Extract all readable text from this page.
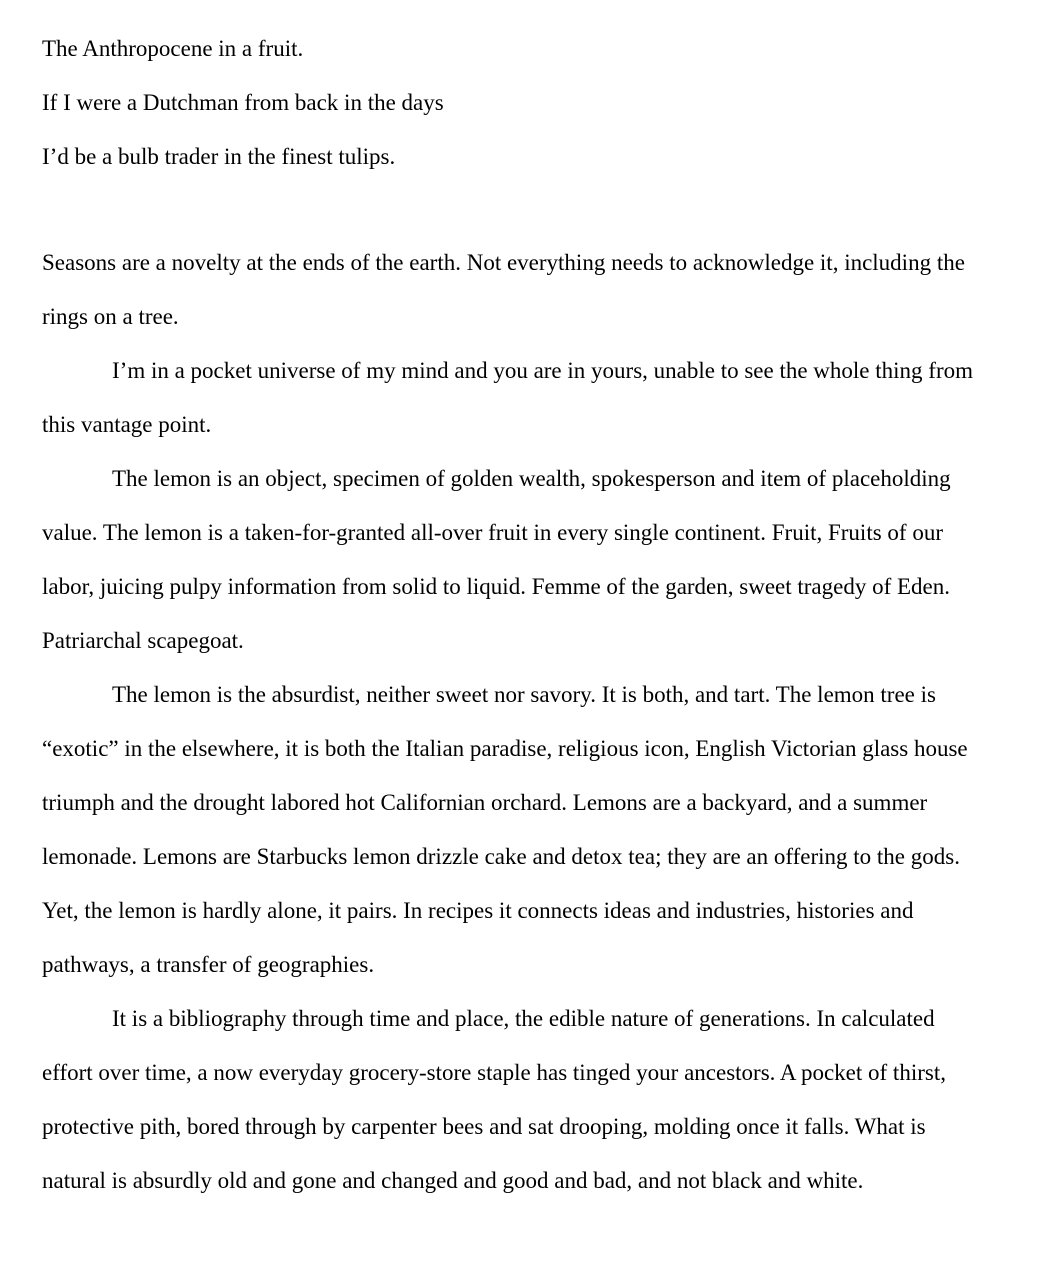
The Anthropocene in a fruit.

If I were a Dutchman from back in the days

I’d be a bulb trader in the finest tulips.

Seasons are a novelty at the ends of the earth. Not everything needs to acknowledge it, including the rings on a tree.

I’m in a pocket universe of my mind and you are in yours, unable to see the whole thing from this vantage point.

The lemon is an object, specimen of golden wealth, spokesperson and item of placeholding value. The lemon is a taken-for-granted all-over fruit in every single continent. Fruit, Fruits of our labor, juicing pulpy information from solid to liquid. Femme of the garden, sweet tragedy of Eden. Patriarchal scapegoat.

The lemon is the absurdist, neither sweet nor savory. It is both, and tart. The lemon tree is “exotic” in the elsewhere, it is both the Italian paradise, religious icon, English Victorian glass house triumph and the drought labored hot Californian orchard. Lemons are a backyard, and a summer lemonade. Lemons are Starbucks lemon drizzle cake and detox tea; they are an offering to the gods. Yet, the lemon is hardly alone, it pairs. In recipes it connects ideas and industries, histories and pathways, a transfer of geographies.

It is a bibliography through time and place, the edible nature of generations. In calculated effort over time, a now everyday grocery-store staple has tinged your ancestors. A pocket of thirst, protective pith, bored through by carpenter bees and sat drooping, molding once it falls. What is natural is absurdly old and gone and changed and good and bad, and not black and white.
